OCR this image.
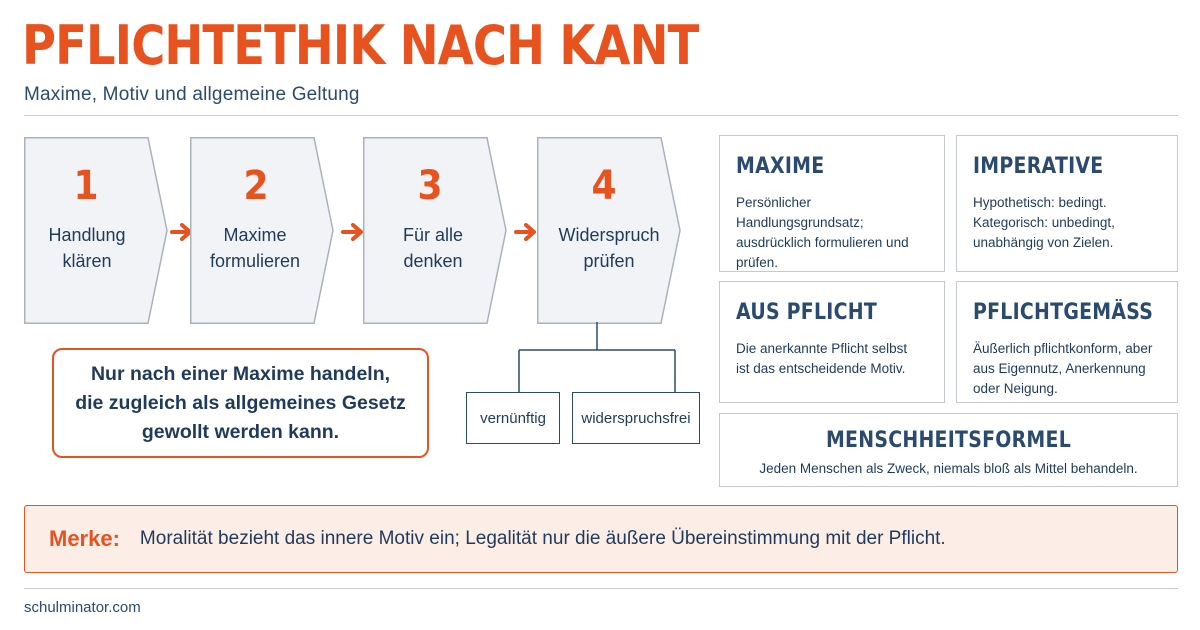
PFLICHTETHIK NACH KANT
Maxime, Motiv und allgemeine Geltung
1
Handlung
klären
2
Maxime
formulieren
3
Für alle
denken
4
Widerspruch
prüfen
vernünftig	widerspruchsfrei
Nur nach einer Maxime handeln,
die zugleich als allgemeines Gesetz
gewollt werden kann.
MAXIME
Persönlicher Handlungsgrundsatz;
ausdrücklich formulieren und prüfen.
IMPERATIVE
Hypothetisch: bedingt.
Kategorisch: unbedingt,
unabhängig von Zielen.
AUS PFLICHT
Die anerkannte Pflicht selbst
ist das entscheidende Motiv.
PFLICHTGEMÄSS
Äußerlich pflichtkonform, aber
aus Eigennutz, Anerkennung
oder Neigung.
MENSCHHEITSFORMEL
Jeden Menschen als Zweck, niemals bloß als Mittel behandeln.
Merke: Moralität bezieht das innere Motiv ein; Legalität nur die äußere Übereinstimmung mit der Pflicht.
schulminator.com
